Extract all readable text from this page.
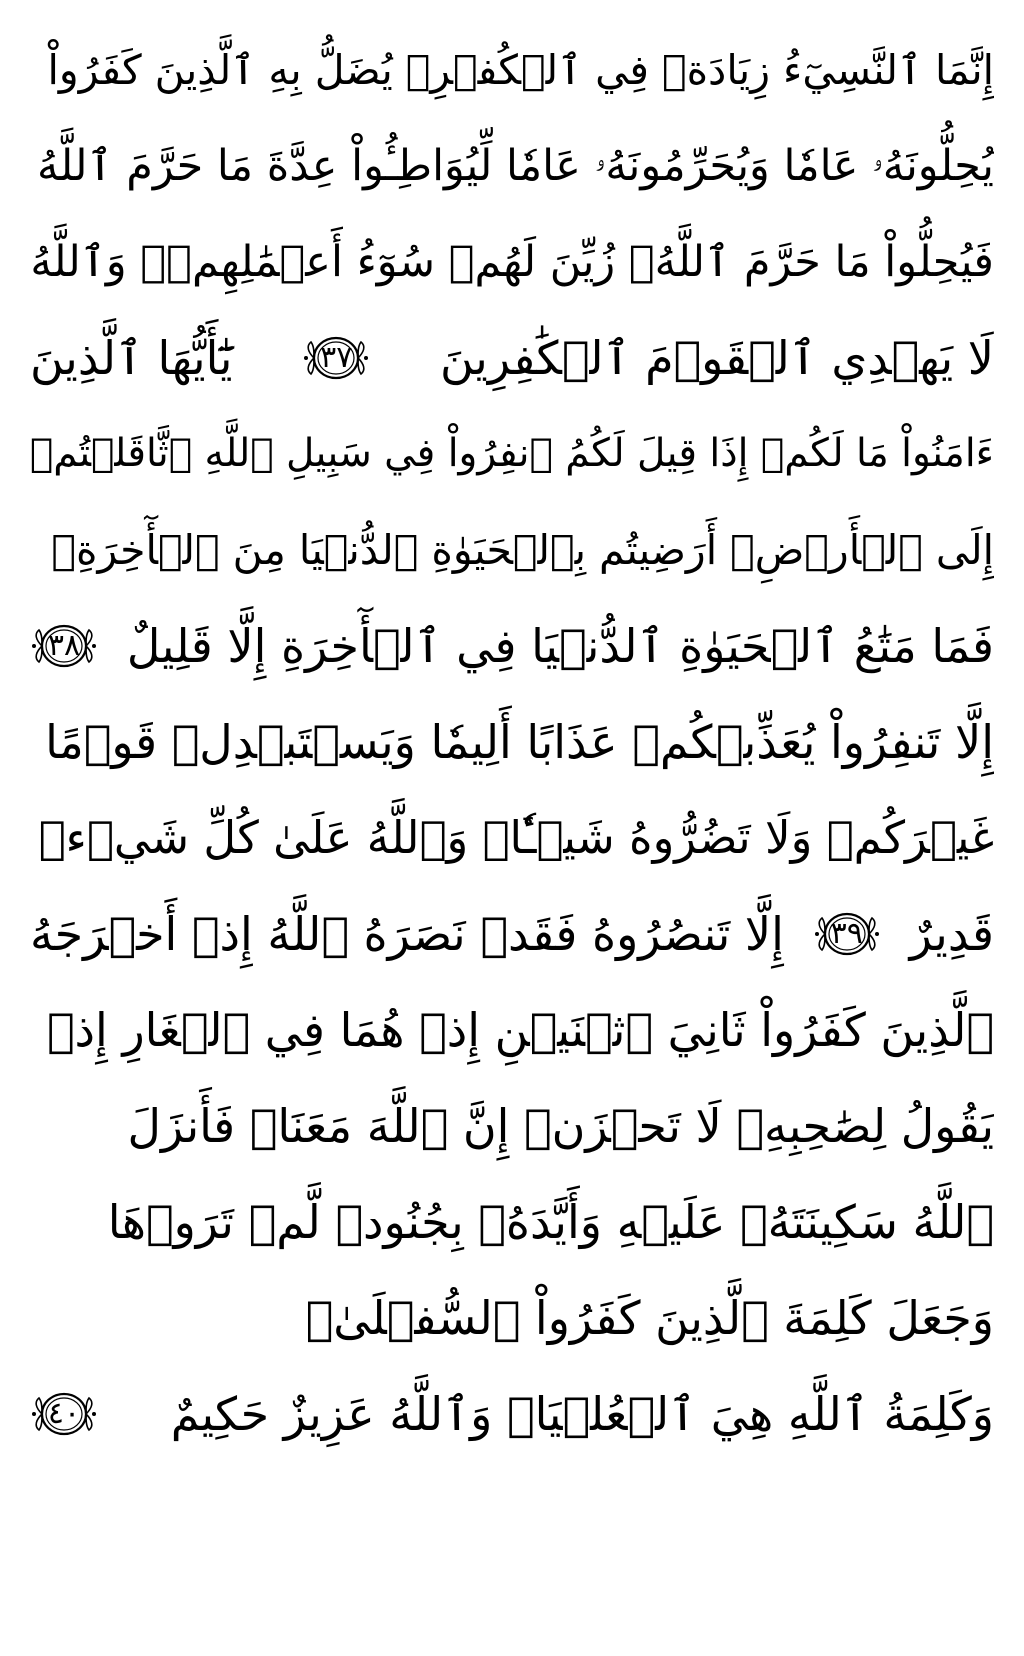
إِنَّمَا ٱلنَّسِيٓءُ زِيَادَةٞ فِي ٱلۡكُفۡرِۖ يُضَلُّ بِهِ ٱلَّذِينَ كَفَرُواْ
يُحِلُّونَهُۥ عَامٗا وَيُحَرِّمُونَهُۥ عَامٗا لِّيُوَاطِـُٔواْ عِدَّةَ مَا حَرَّمَ ٱللَّهُ
فَيُحِلُّواْ مَا حَرَّمَ ٱللَّهُۚ زُيِّنَ لَهُمۡ سُوٓءُ أَعۡمَٰلِهِمۡۗ وَٱللَّهُ
لَا يَهۡدِي ٱلۡقَوۡمَ ٱلۡكَٰفِرِينَ
٣٧
يَٰٓأَيُّهَا ٱلَّذِينَ
ءَامَنُواْ مَا لَكُمۡ إِذَا قِيلَ لَكُمُ ٱنفِرُواْ فِي سَبِيلِ ٱللَّهِ ٱثَّاقَلۡتُمۡ
إِلَى ٱلۡأَرۡضِۚ أَرَضِيتُم بِٱلۡحَيَوٰةِ ٱلدُّنۡيَا مِنَ ٱلۡأٓخِرَةِۚ
فَمَا مَتَٰعُ ٱلۡحَيَوٰةِ ٱلدُّنۡيَا فِي ٱلۡأٓخِرَةِ إِلَّا قَلِيلٌ
٣٨
إِلَّا تَنفِرُواْ يُعَذِّبۡكُمۡ عَذَابًا أَلِيمٗا وَيَسۡتَبۡدِلۡ قَوۡمًا
غَيۡرَكُمۡ وَلَا تَضُرُّوهُ شَيۡـٔٗاۗ وَٱللَّهُ عَلَىٰ كُلِّ شَيۡءٖ
قَدِيرٌ
٣٩
إِلَّا تَنصُرُوهُ فَقَدۡ نَصَرَهُ ٱللَّهُ إِذۡ أَخۡرَجَهُ
ٱلَّذِينَ كَفَرُواْ ثَانِيَ ٱثۡنَيۡنِ إِذۡ هُمَا فِي ٱلۡغَارِ إِذۡ
يَقُولُ لِصَٰحِبِهِۦ لَا تَحۡزَنۡ إِنَّ ٱللَّهَ مَعَنَاۖ فَأَنزَلَ
ٱللَّهُ سَكِينَتَهُۥ عَلَيۡهِ وَأَيَّدَهُۥ بِجُنُودٖ لَّمۡ تَرَوۡهَا
وَجَعَلَ كَلِمَةَ ٱلَّذِينَ كَفَرُواْ ٱلسُّفۡلَىٰۗ
وَكَلِمَةُ ٱللَّهِ هِيَ ٱلۡعُلۡيَاۗ وَٱللَّهُ عَزِيزٌ حَكِيمٌ
٤٠
